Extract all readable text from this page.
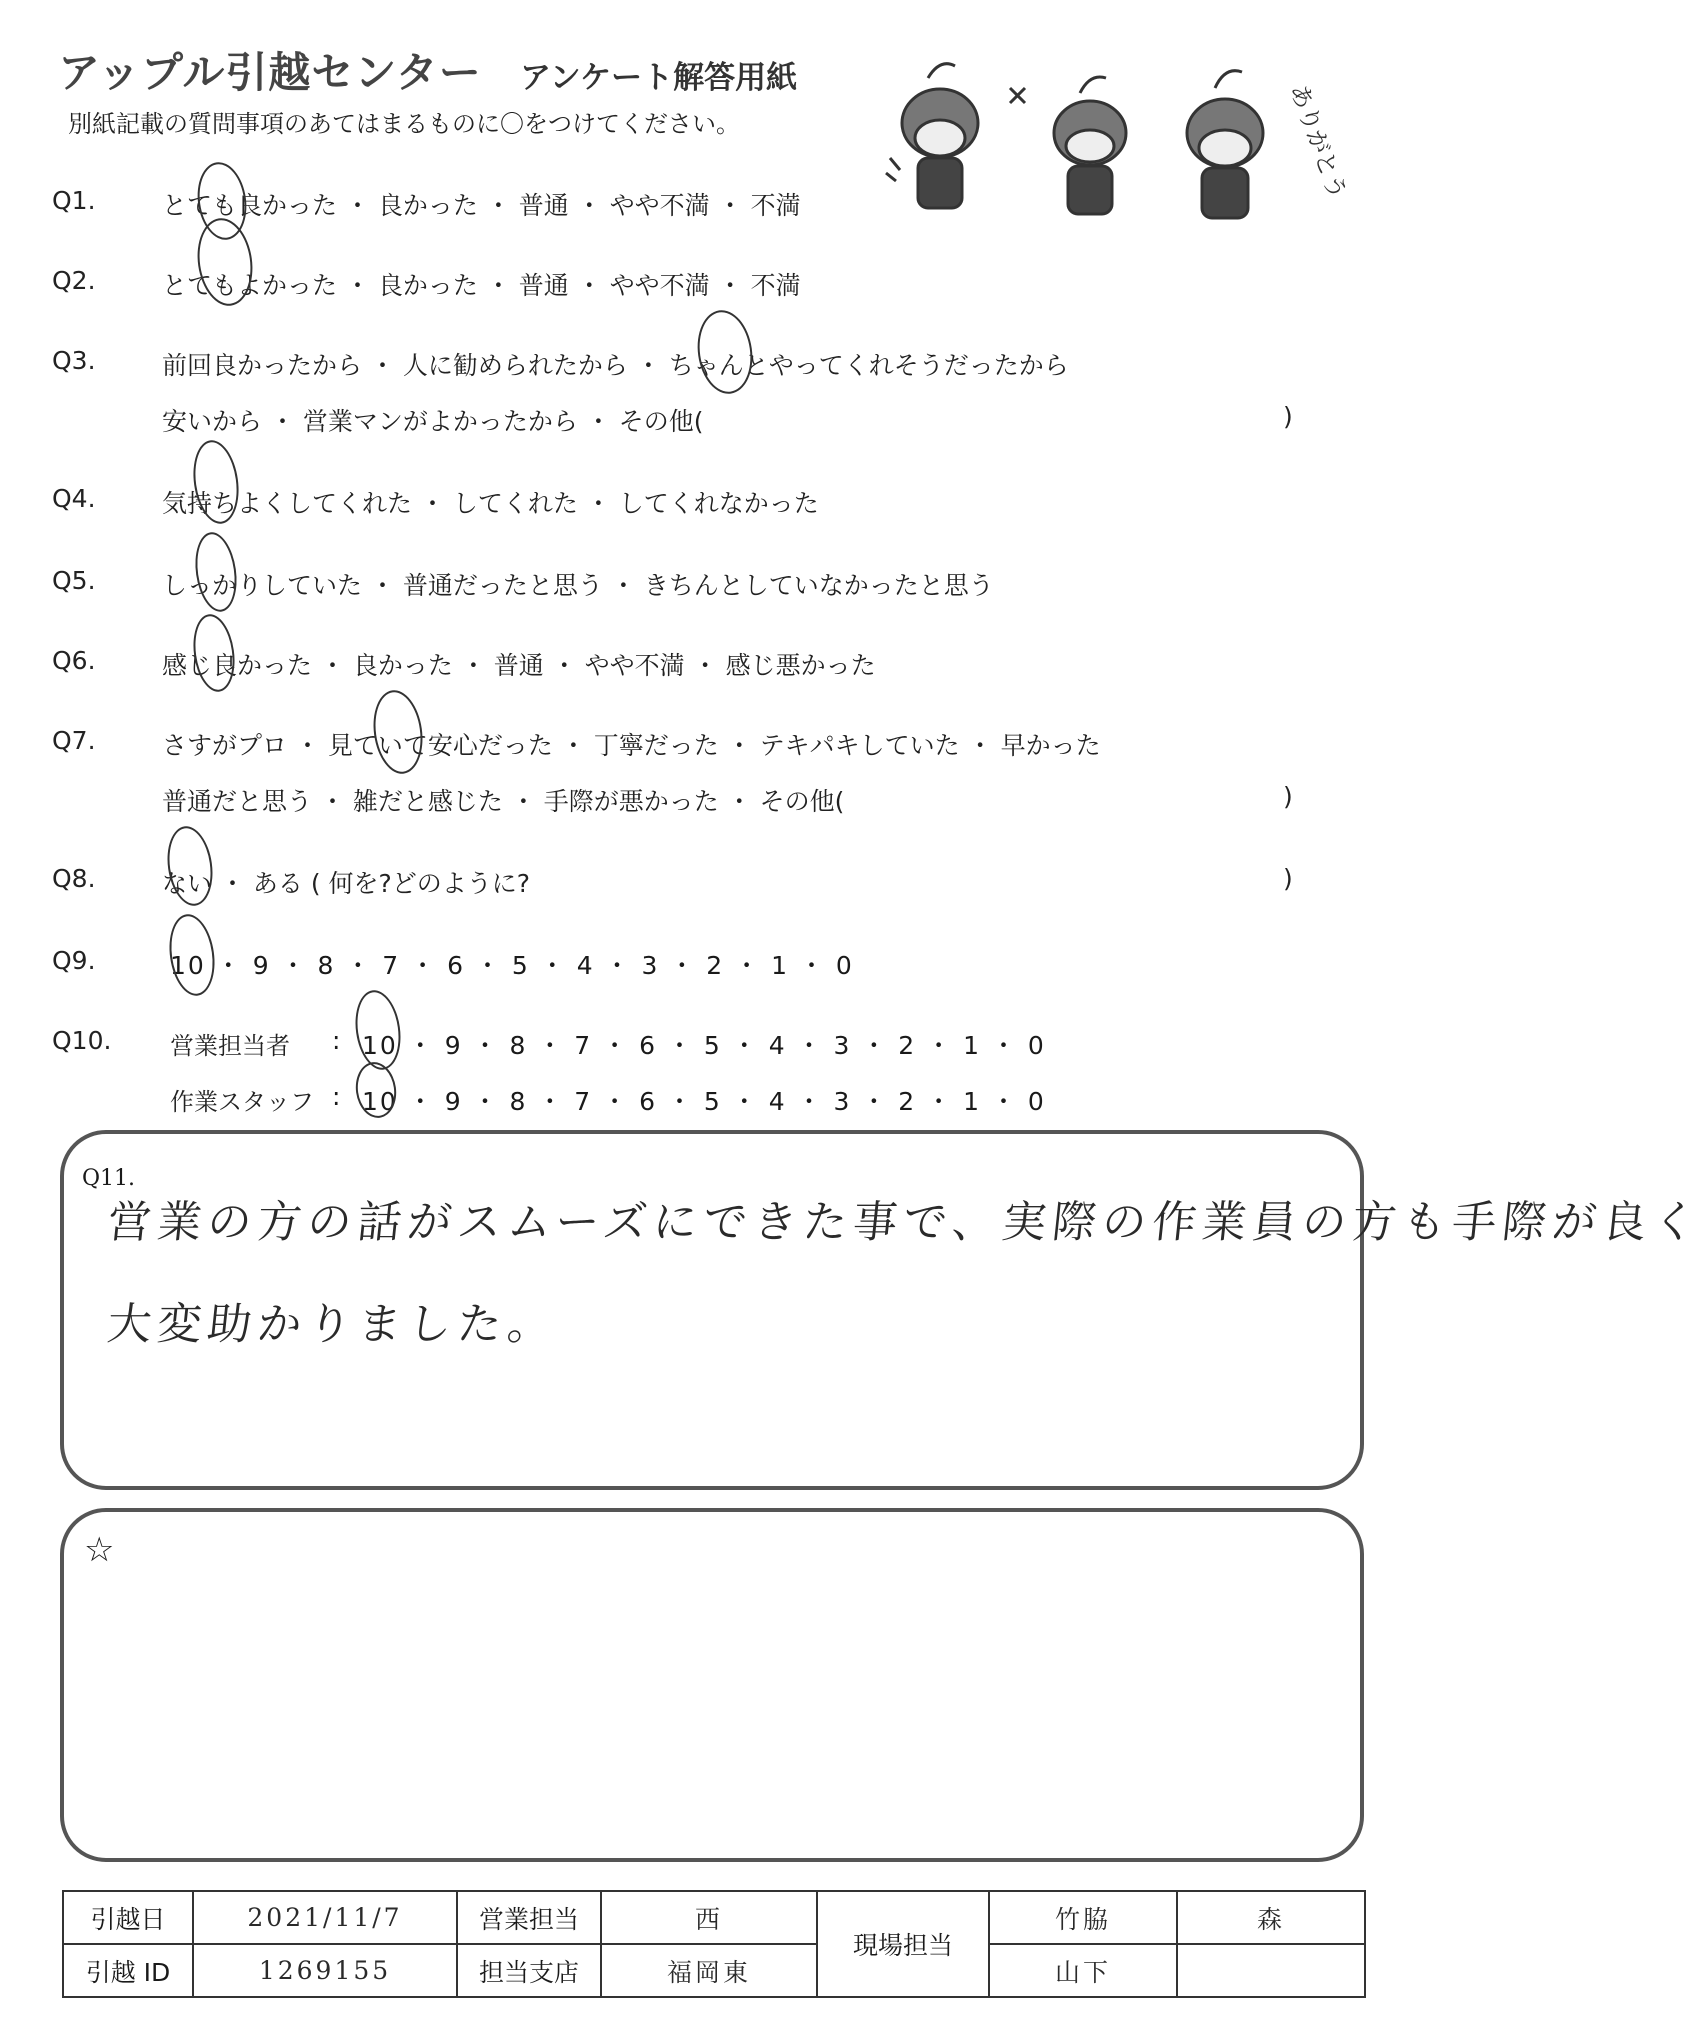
アップル引越センター アンケート解答用紙
別紙記載の質問事項のあてはまるものに〇をつけてください。	ありがとう
Q1.	とても良かった ・ 良かった ・ 普通 ・ やや不満 ・ 不満
Q2.	とてもよかった ・ 良かった ・ 普通 ・ やや不満 ・ 不満
Q3.	前回良かったから ・ 人に勧められたから ・ ちゃんとやってくれそうだったから
安いから ・ 営業マンがよかったから ・ その他(	)
Q4.	気持ちよくしてくれた ・ してくれた ・ してくれなかった
Q5.	しっかりしていた ・ 普通だったと思う ・ きちんとしていなかったと思う
Q6.	感じ良かった ・ 良かった ・ 普通 ・ やや不満 ・ 感じ悪かった
Q7.	さすがプロ ・ 見ていて安心だった ・ 丁寧だった ・ テキパキしていた ・ 早かった
普通だと思う ・ 雑だと感じた ・ 手際が悪かった ・ その他(	)
Q8.	ない ・ ある ( 何を?どのように?	)
Q9.	10 ・ 9 ・ 8 ・ 7 ・ 6 ・ 5 ・ 4 ・ 3 ・ 2 ・ 1 ・ 0
Q10. 営業担当者 : 10 ・ 9 ・ 8 ・ 7 ・ 6 ・ 5 ・ 4 ・ 3 ・ 2 ・ 1 ・ 0
作業スタッフ : 10 ・ 9 ・ 8 ・ 7 ・ 6 ・ 5 ・ 4 ・ 3 ・ 2 ・ 1 ・ 0
Q11.
営業の方の話がスムーズにできた事で、実際の作業員の方も手際が良く
大変助かりました。
☆
引越日	2021/11/7	営業担当	西	現場担当	竹脇	森
引越 ID	1269155	担当支店	福岡東		山下	
